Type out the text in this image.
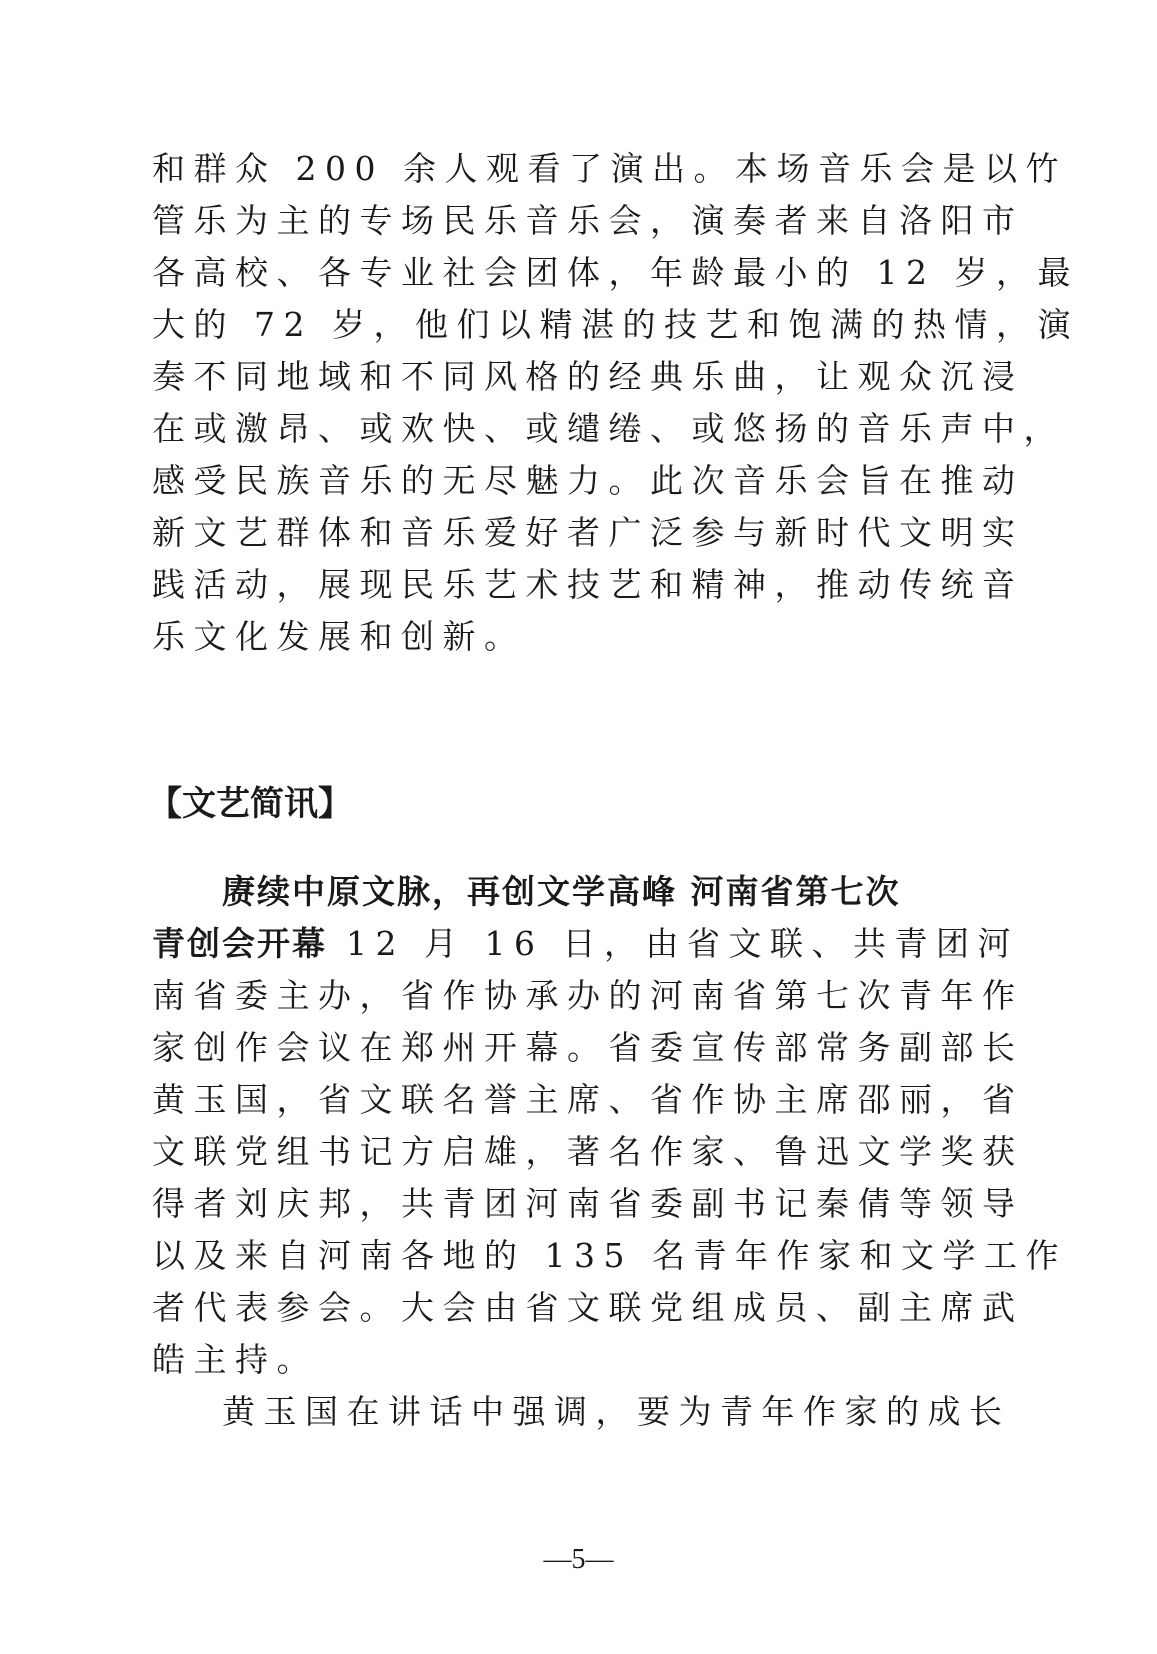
和群众 200 余人观看了演出。本场音乐会是以竹
管乐为主的专场民乐音乐会，演奏者来自洛阳市
各高校、各专业社会团体，年龄最小的 12 岁，最
大的 72 岁，他们以精湛的技艺和饱满的热情，演
奏不同地域和不同风格的经典乐曲，让观众沉浸
在或激昂、或欢快、或缱绻、或悠扬的音乐声中，
感受民族音乐的无尽魅力。此次音乐会旨在推动
新文艺群体和音乐爱好者广泛参与新时代文明实
践活动，展现民乐艺术技艺和精神，推动传统音
乐文化发展和创新。
【文艺简讯】
赓续中原文脉，再创文学高峰 河南省第七次
青创会开幕 12 月 16 日，由省文联、共青团河
南省委主办，省作协承办的河南省第七次青年作
家创作会议在郑州开幕。省委宣传部常务副部长
黄玉国，省文联名誉主席、省作协主席邵丽，省
文联党组书记方启雄，著名作家、鲁迅文学奖获
得者刘庆邦，共青团河南省委副书记秦倩等领导
以及来自河南各地的 135 名青年作家和文学工作
者代表参会。大会由省文联党组成员、副主席武
皓主持。
黄玉国在讲话中强调，要为青年作家的成长
—5—
